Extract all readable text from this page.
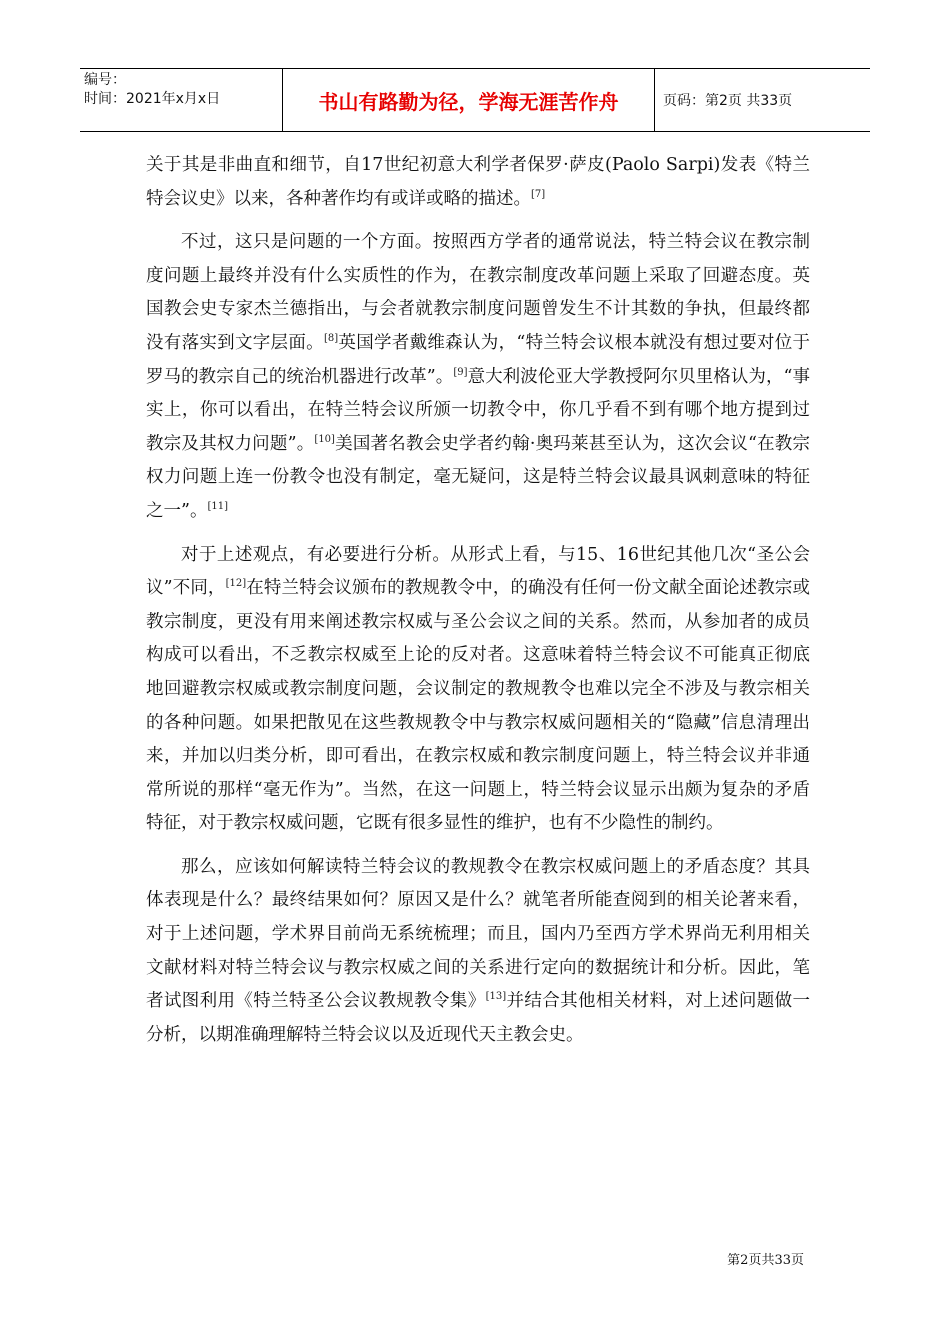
编号：
时间：2021年x月x日	书山有路勤为径，学海无涯苦作舟	页码：第2页 共33页

关于其是非曲直和细节，自17世纪初意大利学者保罗·萨皮(Paolo Sarpi)发表《特兰特会议史》以来，各种著作均有或详或略的描述。[7]

不过，这只是问题的一个方面。按照西方学者的通常说法，特兰特会议在教宗制度问题上最终并没有什么实质性的作为，在教宗制度改革问题上采取了回避态度。英国教会史专家杰兰德指出，与会者就教宗制度问题曾发生不计其数的争执，但最终都没有落实到文字层面。[8]英国学者戴维森认为，“特兰特会议根本就没有想过要对位于罗马的教宗自己的统治机器进行改革”。[9]意大利波伦亚大学教授阿尔贝里格认为，“事实上，你可以看出，在特兰特会议所颁一切教令中，你几乎看不到有哪个地方提到过教宗及其权力问题”。[10]美国著名教会史学者约翰·奥玛莱甚至认为，这次会议“在教宗权力问题上连一份教令也没有制定，毫无疑问，这是特兰特会议最具讽刺意味的特征之一”。[11]

对于上述观点，有必要进行分析。从形式上看，与15、16世纪其他几次“圣公会议”不同，[12]在特兰特会议颁布的教规教令中，的确没有任何一份文献全面论述教宗或教宗制度，更没有用来阐述教宗权威与圣公会议之间的关系。然而，从参加者的成员构成可以看出，不乏教宗权威至上论的反对者。这意味着特兰特会议不可能真正彻底地回避教宗权威或教宗制度问题，会议制定的教规教令也难以完全不涉及与教宗相关的各种问题。如果把散见在这些教规教令中与教宗权威问题相关的“隐藏”信息清理出来，并加以归类分析，即可看出，在教宗权威和教宗制度问题上，特兰特会议并非通常所说的那样“毫无作为”。当然，在这一问题上，特兰特会议显示出颇为复杂的矛盾特征，对于教宗权威问题，它既有很多显性的维护，也有不少隐性的制约。

那么，应该如何解读特兰特会议的教规教令在教宗权威问题上的矛盾态度？其具体表现是什么？最终结果如何？原因又是什么？就笔者所能查阅到的相关论著来看，对于上述问题，学术界目前尚无系统梳理；而且，国内乃至西方学术界尚无利用相关文献材料对特兰特会议与教宗权威之间的关系进行定向的数据统计和分析。因此，笔者试图利用《特兰特圣公会议教规教令集》[13]并结合其他相关材料，对上述问题做一分析，以期准确理解特兰特会议以及近现代天主教会史。

第2页共33页
